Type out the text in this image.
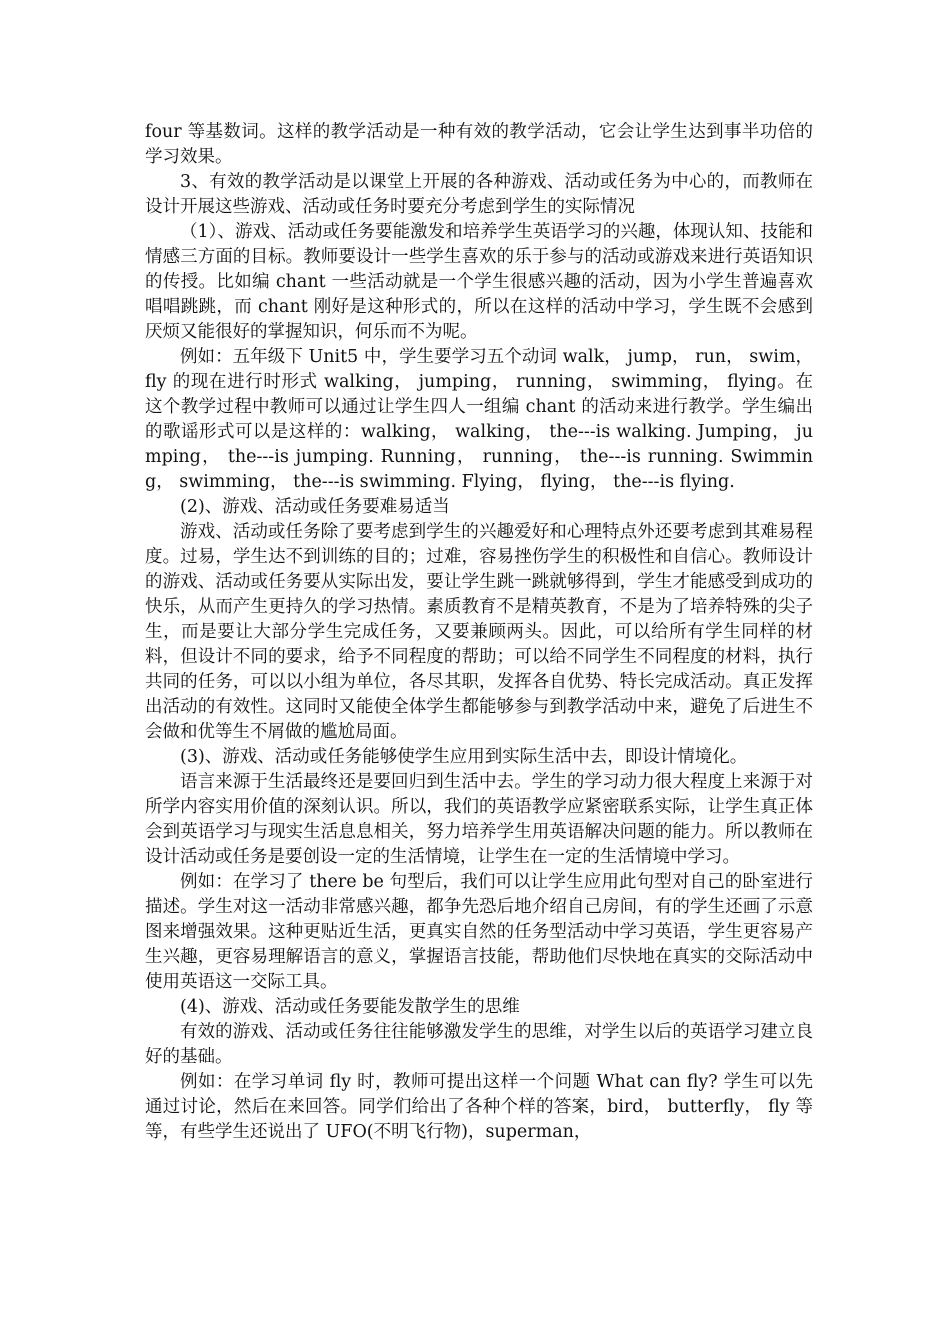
four 等基数词。这样的教学活动是一种有效的教学活动，它会让学生达到事半功倍的学习效果。

3、有效的教学活动是以课堂上开展的各种游戏、活动或任务为中心的，而教师在设计开展这些游戏、活动或任务时要充分考虑到学生的实际情况

（1）、游戏、活动或任务要能激发和培养学生英语学习的兴趣，体现认知、技能和情感三方面的目标。教师要设计一些学生喜欢的乐于参与的活动或游戏来进行英语知识的传授。比如编 chant 一些活动就是一个学生很感兴趣的活动，因为小学生普遍喜欢唱唱跳跳，而 chant 刚好是这种形式的，所以在这样的活动中学习，学生既不会感到厌烦又能很好的掌握知识，何乐而不为呢。

例如：五年级下 Unit5 中，学生要学习五个动词 walk， jump， run， swim， fly 的现在进行时形式 walking， jumping， running， swimming， flying。在这个教学过程中教师可以通过让学生四人一组编 chant 的活动来进行教学。学生编出的歌谣形式可以是这样的：walking， walking， the---is walking. Jumping， jumping， the---is jumping. Running， running， the---is running. Swimming， swimming， the---is swimming. Flying， flying， the---is flying.

(2)、游戏、活动或任务要难易适当

游戏、活动或任务除了要考虑到学生的兴趣爱好和心理特点外还要考虑到其难易程度。过易，学生达不到训练的目的；过难，容易挫伤学生的积极性和自信心。教师设计的游戏、活动或任务要从实际出发，要让学生跳一跳就够得到，学生才能感受到成功的快乐，从而产生更持久的学习热情。素质教育不是精英教育，不是为了培养特殊的尖子生，而是要让大部分学生完成任务，又要兼顾两头。因此，可以给所有学生同样的材料，但设计不同的要求，给予不同程度的帮助；可以给不同学生不同程度的材料，执行共同的任务，可以以小组为单位，各尽其职，发挥各自优势、特长完成活动。真正发挥出活动的有效性。这同时又能使全体学生都能够参与到教学活动中来，避免了后进生不会做和优等生不屑做的尴尬局面。

(3)、游戏、活动或任务能够使学生应用到实际生活中去，即设计情境化。

语言来源于生活最终还是要回归到生活中去。学生的学习动力很大程度上来源于对所学内容实用价值的深刻认识。所以，我们的英语教学应紧密联系实际，让学生真正体会到英语学习与现实生活息息相关，努力培养学生用英语解决问题的能力。所以教师在设计活动或任务是要创设一定的生活情境，让学生在一定的生活情境中学习。

例如：在学习了 there be 句型后，我们可以让学生应用此句型对自己的卧室进行描述。学生对这一活动非常感兴趣，都争先恐后地介绍自己房间，有的学生还画了示意图来增强效果。这种更贴近生活，更真实自然的任务型活动中学习英语，学生更容易产生兴趣，更容易理解语言的意义，掌握语言技能，帮助他们尽快地在真实的交际活动中使用英语这一交际工具。

(4)、游戏、活动或任务要能发散学生的思维

有效的游戏、活动或任务往往能够激发学生的思维，对学生以后的英语学习建立良好的基础。

例如：在学习单词 fly 时，教师可提出这样一个问题 What can fly? 学生可以先通过讨论，然后在来回答。同学们给出了各种个样的答案，bird， butterfly， fly 等等，有些学生还说出了 UFO(不明飞行物)，superman，
